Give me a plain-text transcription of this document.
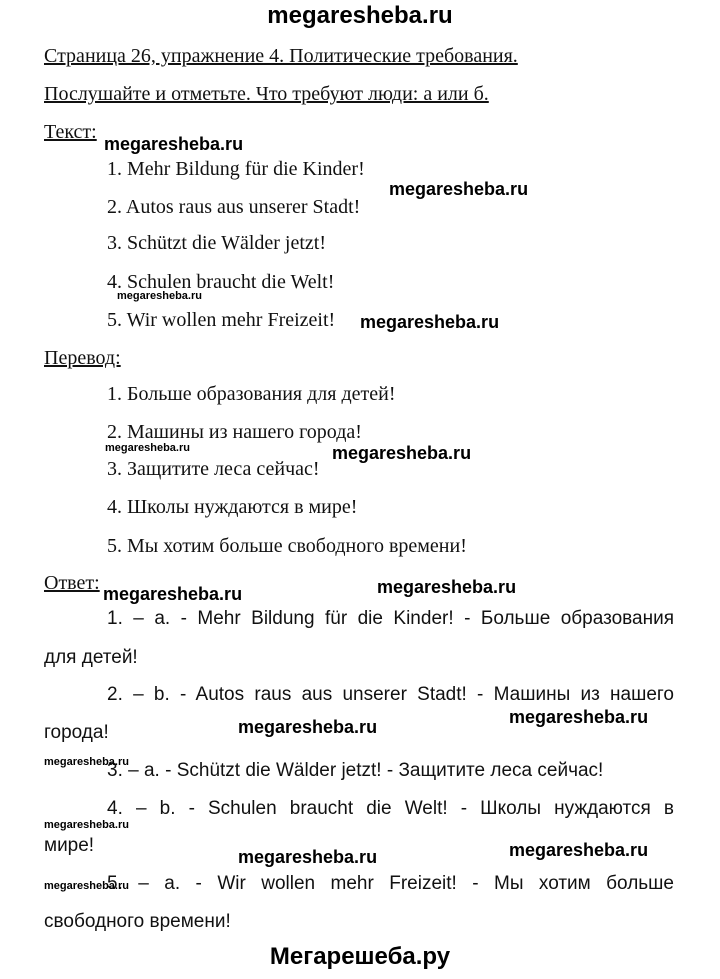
megaresheba.ru
Страница 26, упражнение 4. Политические требования.
Послушайте и отметьте. Что требуют люди: а или б.
Текст:
1. Mehr Bildung für die Kinder!
2. Autos raus aus unserer Stadt!
3. Schützt die Wälder jetzt!
4. Schulen braucht die Welt!
5. Wir wollen mehr Freizeit!
Перевод:
1. Больше образования для детей!
2. Машины из нашего города!
3. Защитите леса сейчас!
4. Школы нуждаются в мире!
5. Мы хотим больше свободного времени!
Ответ:
1. – a. - Mehr Bildung für die Kinder! - Больше образования
для детей!
2. – b. - Autos raus aus unserer Stadt! - Машины из нашего
города!
3. – a. - Schützt die Wälder jetzt! - Защитите леса сейчас!
4. – b. - Schulen braucht die Welt! - Школы нуждаются в
мире!
5. – a. - Wir wollen mehr Freizeit! - Мы хотим больше
свободного времени!
megaresheba.ru
megaresheba.ru
megaresheba.ru
megaresheba.ru
megaresheba.ru	megaresheba.ru
megaresheba.ru	megaresheba.ru
megaresheba.ru
megaresheba.ru
megaresheba.ru
megaresheba.ru
megaresheba.ru
megaresheba.ru
megaresheba.ru
Мегарешеба.ру
